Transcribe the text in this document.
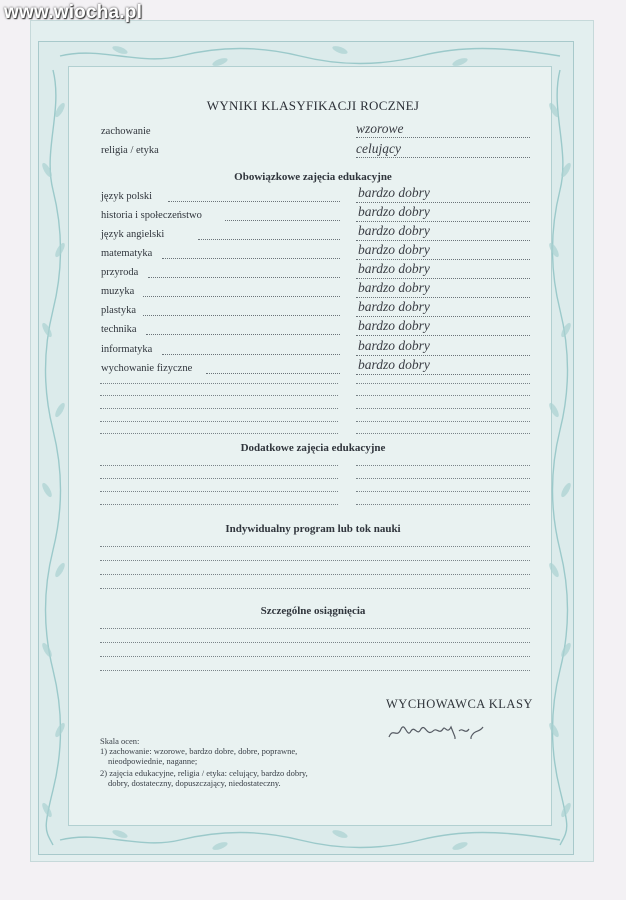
www.wiocha.pl
WYNIKI KLASYFIKACJI ROCZNEJ
zachowanie	wzorowe
religia / etyka	celujący
Obowiązkowe zajęcia edukacyjne
język polski	bardzo dobry
historia i społeczeństwo	bardzo dobry
język angielski	bardzo dobry
matematyka	bardzo dobry
przyroda	bardzo dobry
muzyka	bardzo dobry
plastyka	bardzo dobry
technika	bardzo dobry
informatyka	bardzo dobry
wychowanie fizyczne	bardzo dobry
Dodatkowe zajęcia edukacyjne
Indywidualny program lub tok nauki
Szczególne osiągnięcia
WYCHOWAWCA KLASY
Skala ocen:
1) zachowanie: wzorowe, bardzo dobre, dobre, poprawne,
nieodpowiednie, naganne;
2) zajęcia edukacyjne, religia / etyka: celujący, bardzo dobry,
dobry, dostateczny, dopuszczający, niedostateczny.
